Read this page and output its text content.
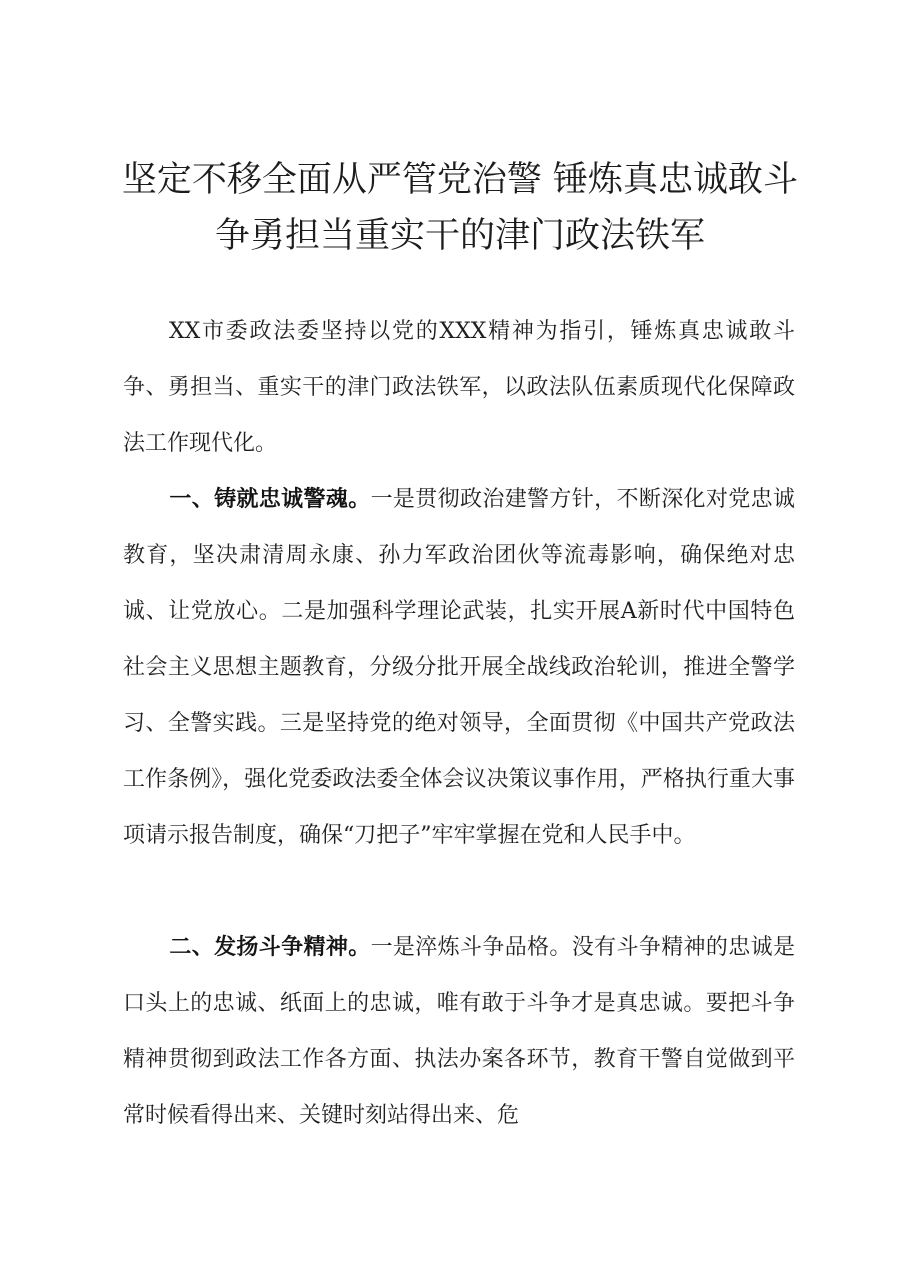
坚定不移全面从严管党治警 锤炼真忠诚敢斗
争勇担当重实干的津门政法铁军

XX市委政法委坚持以党的XXX精神为指引，锤炼真忠诚敢斗争、勇担当、重实干的津门政法铁军，以政法队伍素质现代化保障政法工作现代化。

一、铸就忠诚警魂。一是贯彻政治建警方针，不断深化对党忠诚教育，坚决肃清周永康、孙力军政治团伙等流毒影响，确保绝对忠诚、让党放心。二是加强科学理论武装，扎实开展A新时代中国特色社会主义思想主题教育，分级分批开展全战线政治轮训，推进全警学习、全警实践。三是坚持党的绝对领导，全面贯彻《中国共产党政法工作条例》，强化党委政法委全体会议决策议事作用，严格执行重大事项请示报告制度，确保“刀把子”牢牢掌握在党和人民手中。

二、发扬斗争精神。一是淬炼斗争品格。没有斗争精神的忠诚是口头上的忠诚、纸面上的忠诚，唯有敢于斗争才是真忠诚。要把斗争精神贯彻到政法工作各方面、执法办案各环节，教育干警自觉做到平常时候看得出来、关键时刻站得出来、危
